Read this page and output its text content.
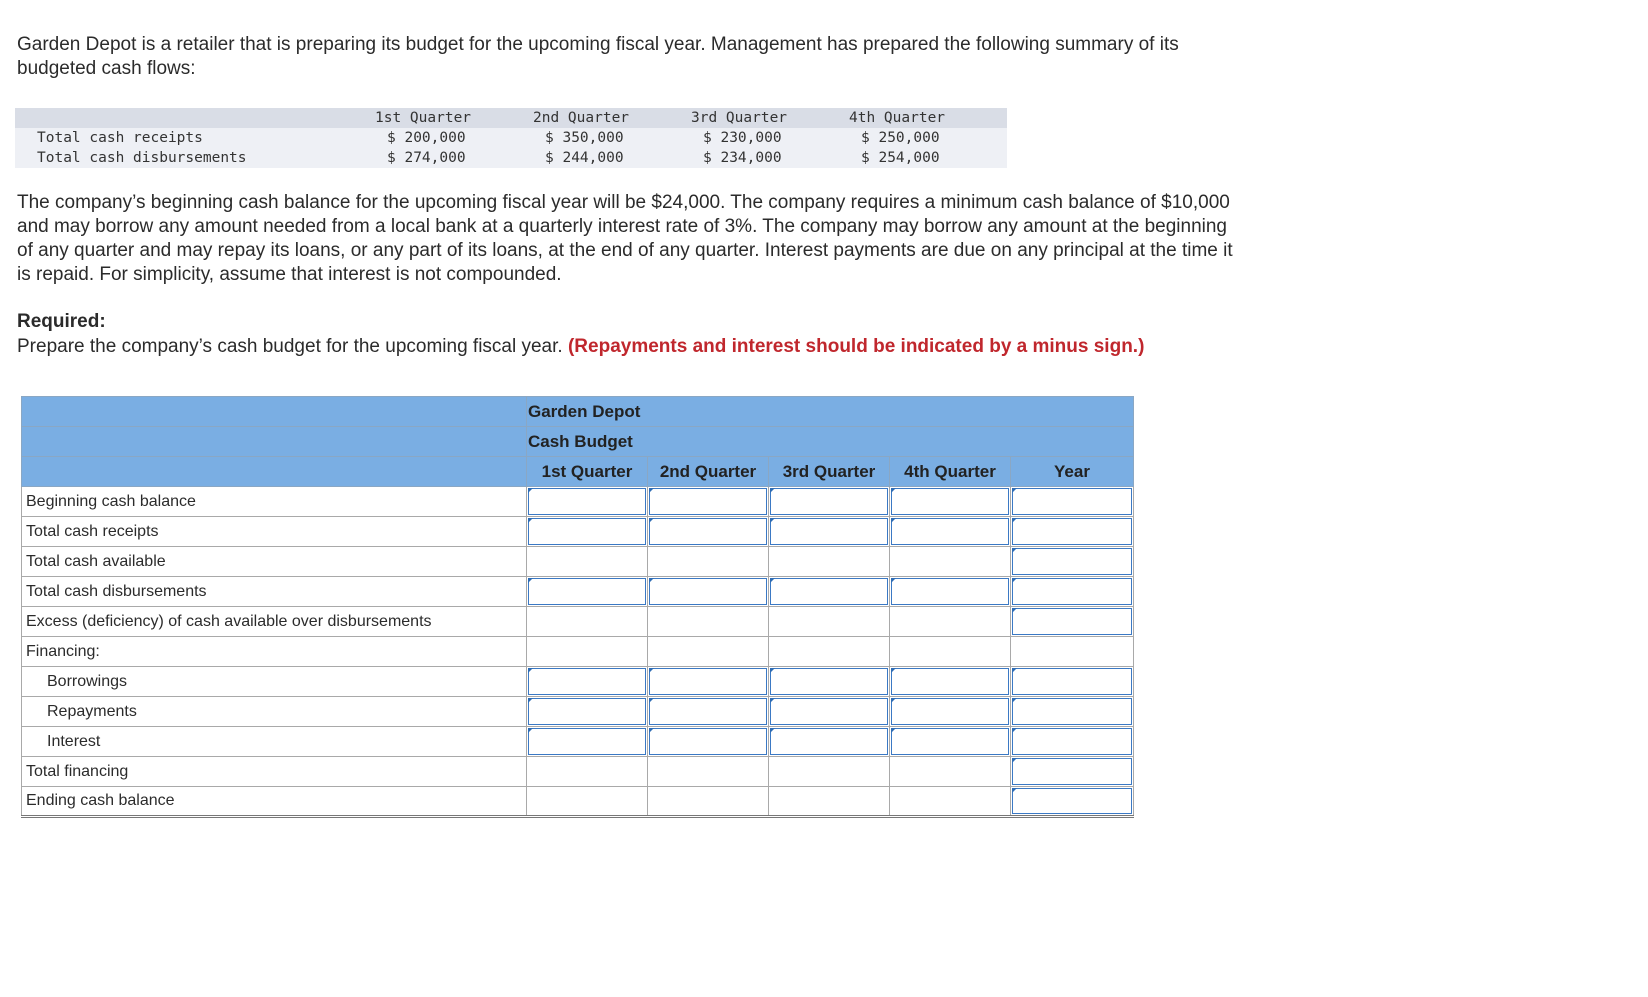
Garden Depot is a retailer that is preparing its budget for the upcoming fiscal year. Management has prepared the following summary of its budgeted cash flows:

	1st Quarter	2nd Quarter	3rd Quarter	4th Quarter
Total cash receipts	$ 200,000	$ 350,000	$ 230,000	$ 250,000
Total cash disbursements	$ 274,000	$ 244,000	$ 234,000	$ 254,000

The company’s beginning cash balance for the upcoming fiscal year will be $24,000. The company requires a minimum cash balance of $10,000 and may borrow any amount needed from a local bank at a quarterly interest rate of 3%. The company may borrow any amount at the beginning of any quarter and may repay its loans, or any part of its loans, at the end of any quarter. Interest payments are due on any principal at the time it is repaid. For simplicity, assume that interest is not compounded.

Required:

Prepare the company’s cash budget for the upcoming fiscal year. (Repayments and interest should be indicated by a minus sign.)

	Garden Depot				
	Cash Budget				
	1st Quarter	2nd Quarter	3rd Quarter	4th Quarter	Year
Beginning cash balance	

Total cash receipts	

Total cash available					

Total cash disbursements	

Excess (deficiency) of cash available over disbursements					

Financing:					
Borrowings	

Repayments	

Interest	

Total financing					

Ending cash balance					
